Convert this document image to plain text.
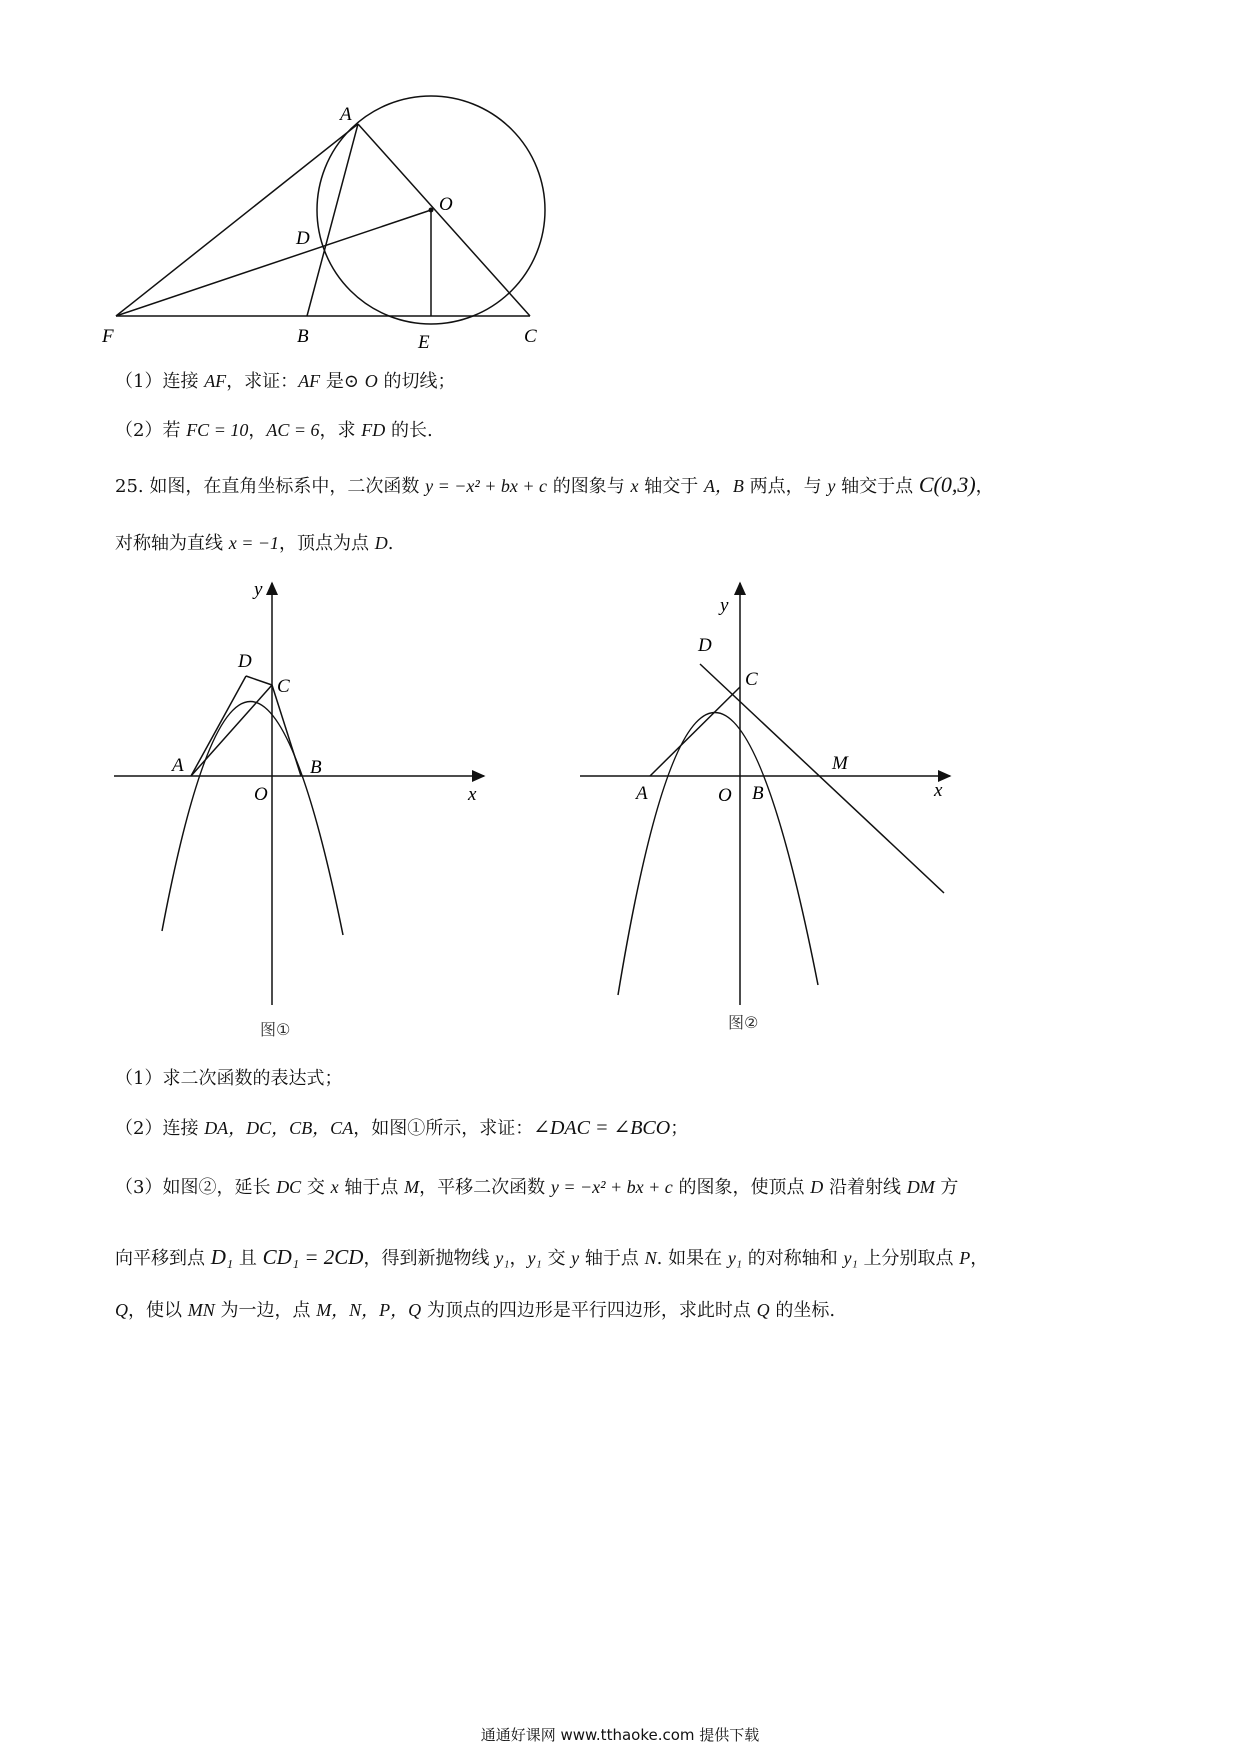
A
O
D
F	B	E	C
（1）连接 AF，求证：AF 是⊙ O 的切线；
（2）若 FC = 10，AC = 6，求 FD 的长.
25. 如图，在直角坐标系中，二次函数 y = −x² + bx + c 的图象与 x 轴交于 A，B 两点，与 y 轴交于点 C(0,3)，
对称轴为直线 x = −1，顶点为点 D.
y
x
D
C
A	B
O
图①
y
x
D
C
A	O B
M
图②
（1）求二次函数的表达式；
（2）连接 DA，DC，CB，CA，如图①所示，求证：∠DAC = ∠BCO；
（3）如图②，延长 DC 交 x 轴于点 M，平移二次函数 y = −x² + bx + c 的图象，使顶点 D 沿着射线 DM 方
向平移到点 D₁ 且 CD₁ = 2CD，得到新抛物线 y₁，y₁ 交 y 轴于点 N. 如果在 y₁ 的对称轴和 y₁ 上分别取点 P，
Q，使以 MN 为一边，点 M，N，P，Q 为顶点的四边形是平行四边形，求此时点 Q 的坐标.
通通好课网 www.tthaoke.com 提供下载
